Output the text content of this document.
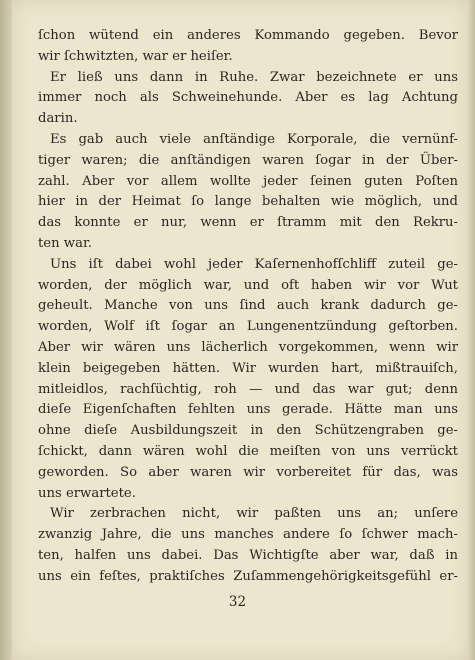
ſchon wütend ein anderes Kommando gegeben. Bevor
wir ſchwitzten, war er heiſer.
Er ließ uns dann in Ruhe. Zwar bezeichnete er uns
immer noch als Schweinehunde. Aber es lag Achtung
darin.
Es gab auch viele anſtändige Korporale, die vernünf-
tiger waren; die anſtändigen waren ſogar in der Über-
zahl. Aber vor allem wollte jeder ſeinen guten Poſten
hier in der Heimat ſo lange behalten wie möglich, und
das konnte er nur, wenn er ſtramm mit den Rekru-
ten war.
Uns iſt dabei wohl jeder Kaſernenhofſchliff zuteil ge-
worden, der möglich war, und oft haben wir vor Wut
geheult. Manche von uns ſind auch krank dadurch ge-
worden, Wolf iſt ſogar an Lungenentzündung geſtorben.
Aber wir wären uns lächerlich vorgekommen, wenn wir
klein beigegeben hätten. Wir wurden hart, mißtrauiſch,
mitleidlos, rachſüchtig, roh — und das war gut; denn
dieſe Eigenſchaften fehlten uns gerade. Hätte man uns
ohne dieſe Ausbildungszeit in den Schützengraben ge-
ſchickt, dann wären wohl die meiſten von uns verrückt
geworden. So aber waren wir vorbereitet für das, was
uns erwartete.
Wir zerbrachen nicht, wir paßten uns an; unſere
zwanzig Jahre, die uns manches andere ſo ſchwer mach-
ten, halfen uns dabei. Das Wichtigſte aber war, daß in
uns ein feſtes, praktiſches Zuſammengehörigkeitsgefühl er-
32
